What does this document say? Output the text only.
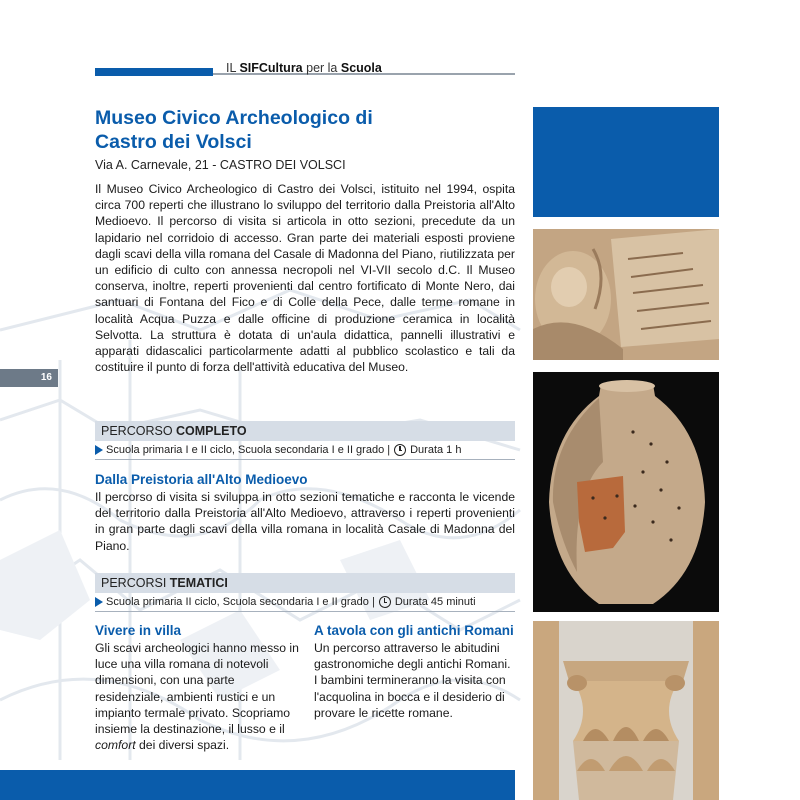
IL SIFCultura per la Scuola
Museo Civico Archeologico di Castro dei Volsci
Via A. Carnevale, 21 - CASTRO DEI VOLSCI
Il Museo Civico Archeologico di Castro dei Volsci, istituito nel 1994, ospita circa 700 reperti che illustrano lo sviluppo del territorio dalla Preistoria all'Alto Medioevo. Il percorso di visita si articola in otto sezioni, precedute da un lapidario nel corridoio di accesso. Gran parte dei materiali esposti proviene dagli scavi della villa romana del Casale di Madonna del Piano, riutilizzata per un edificio di culto con annessa necropoli nel VI-VII secolo d.C. Il Museo conserva, inoltre, reperti provenienti dal centro fortificato di Monte Nero, dai santuari di Fontana del Fico e di Colle della Pece, dalle terme romane in località Acqua Puzza e dalle officine di produzione ceramica in località Selvotta. La struttura è dotata di un'aula didattica, pannelli illustrativi e apparati didascalici particolarmente adatti al pubblico scolastico e tali da costituire il punto di forza dell'attività educativa del Museo.
16
PERCORSO COMPLETO
Scuola primaria I e II ciclo, Scuola secondaria I e II grado | Durata 1 h
Dalla Preistoria all'Alto Medioevo
Il percorso di visita si sviluppa in otto sezioni tematiche e racconta le vicende del territorio dalla Preistoria all'Alto Medioevo, attraverso i reperti provenienti in gran parte dagli scavi della villa romana in località Casale di Madonna del Piano.
PERCORSI TEMATICI
Scuola primaria II ciclo, Scuola secondaria I e II grado | Durata 45 minuti
Vivere in villa
Gli scavi archeologici hanno messo in luce una villa romana di notevoli dimensioni, con una parte residenziale, ambienti rustici e un impianto termale privato. Scopriamo insieme la destinazione, il lusso e il comfort dei diversi spazi.
A tavola con gli antichi Romani
Un percorso attraverso le abitudini gastronomiche degli antichi Romani. I bambini termineranno la visita con l'acquolina in bocca e il desiderio di provare le ricette romane.
